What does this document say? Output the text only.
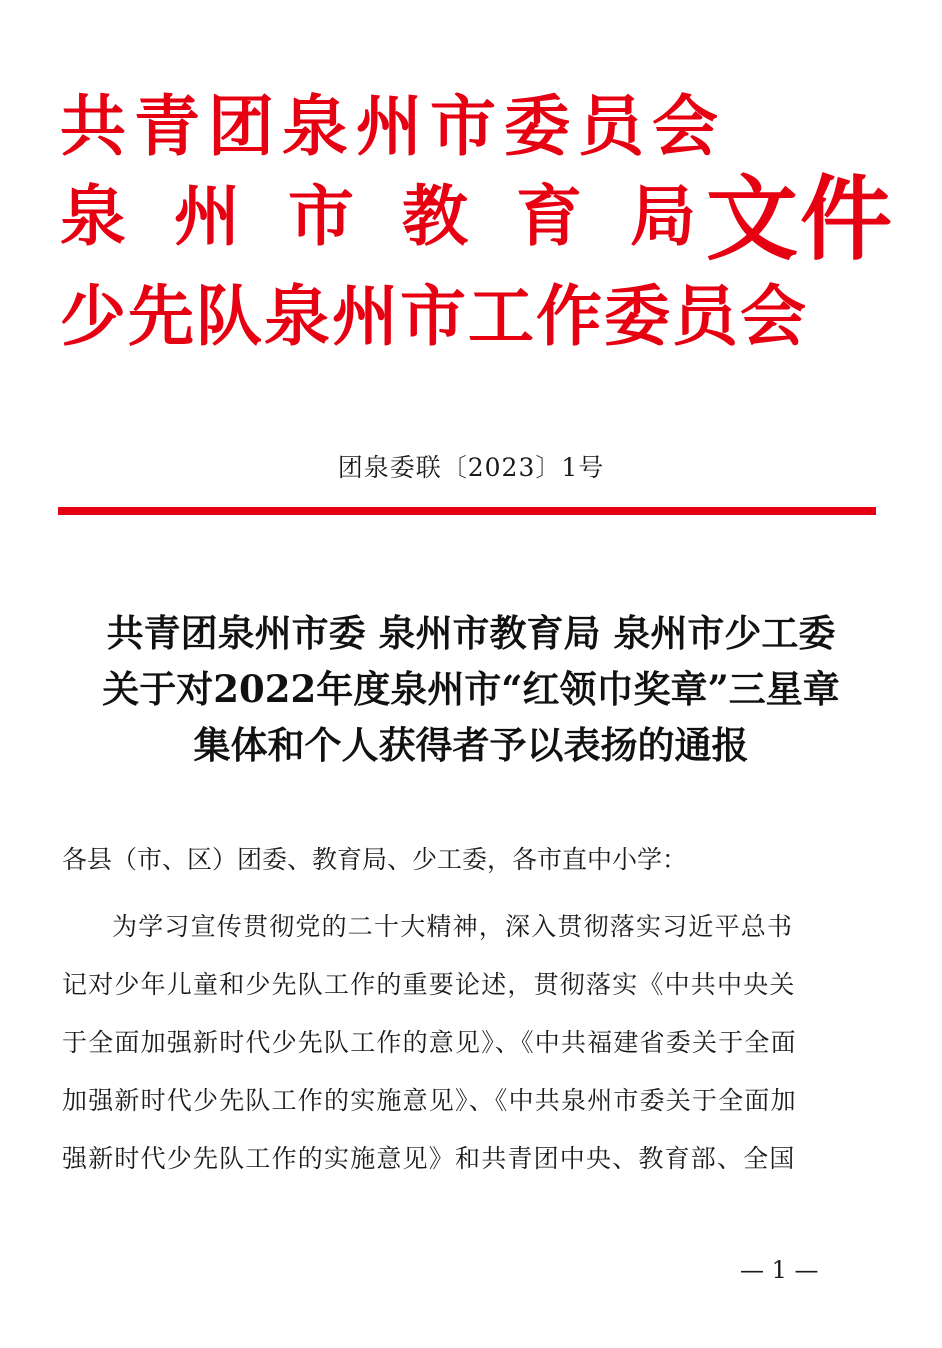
共青团泉州市委员会
泉州市教育局
少先队泉州市工作委员会
文件
团泉委联〔2023〕1号
共青团泉州市委 泉州市教育局 泉州市少工委
关于对2022年度泉州市“红领巾奖章”三星章
集体和个人获得者予以表扬的通报
各县（市、区）团委、教育局、少工委，各市直中小学：
为学习宣传贯彻党的二十大精神，深入贯彻落实习近平总书
记对少年儿童和少先队工作的重要论述，贯彻落实《中共中央关
于全面加强新时代少先队工作的意见》、《中共福建省委关于全面
加强新时代少先队工作的实施意见》、《中共泉州市委关于全面加
强新时代少先队工作的实施意见》和共青团中央、教育部、全国
— 1 —
